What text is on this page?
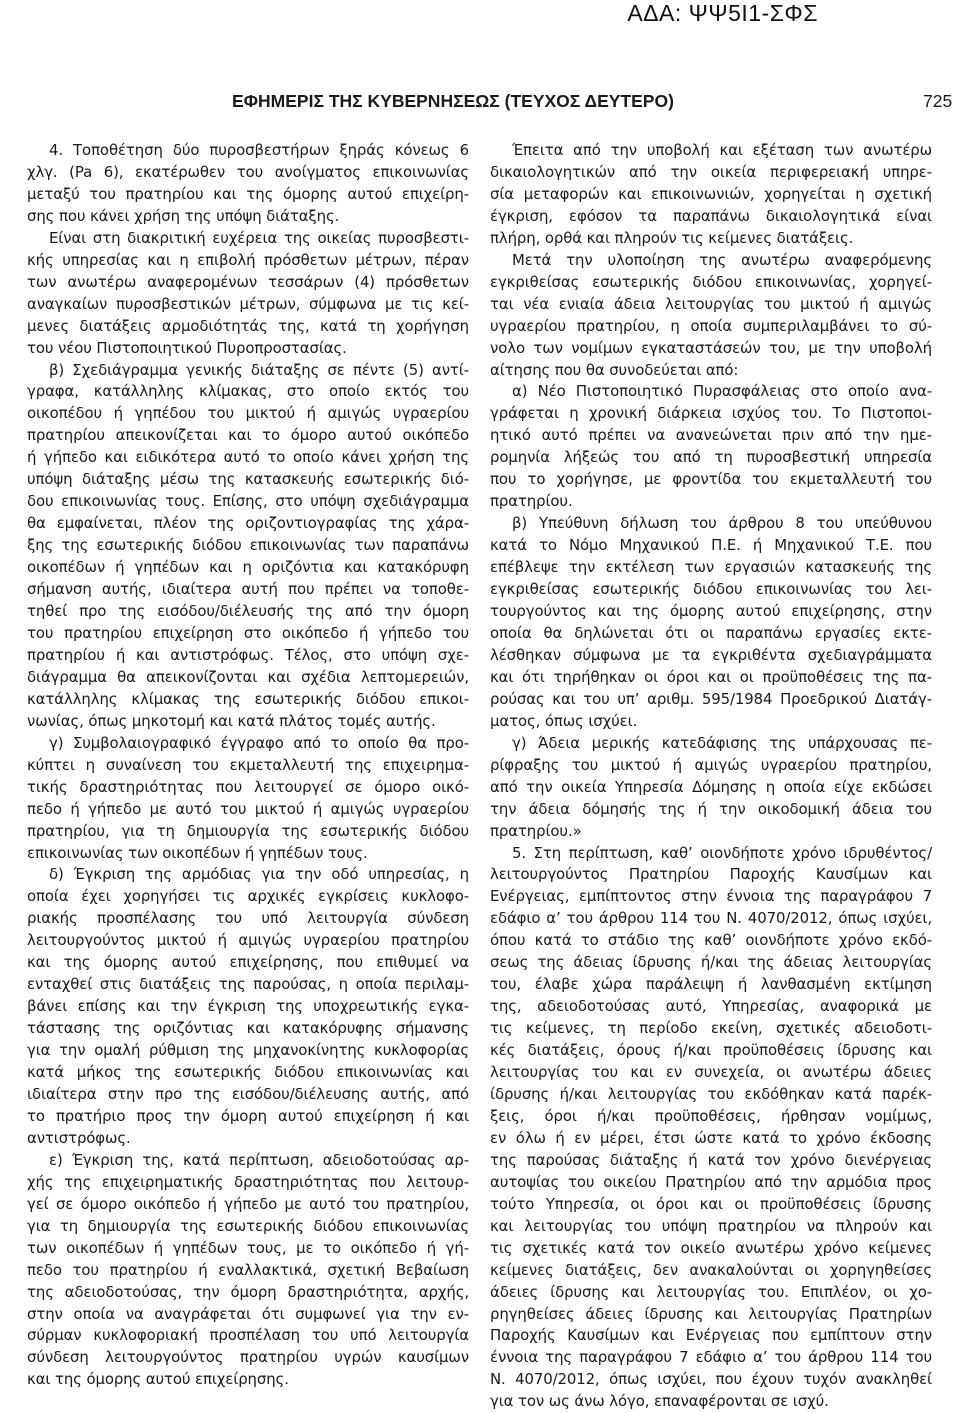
ΑΔΑ: ΨΨ5Ι1-ΣΦΣ
ΕΦΗΜΕΡΙΣ ΤΗΣ ΚΥΒΕΡΝΗΣΕΩΣ (ΤΕΥΧΟΣ ΔΕΥΤΕΡΟ)	725
4. Τοποθέτηση δύο πυροσβεστήρων ξηράς κόνεως 6
χλγ. (Pa 6), εκατέρωθεν του ανοίγματος επικοινωνίας
μεταξύ του πρατηρίου και της όμορης αυτού επιχείρη‑
σης που κάνει χρήση της υπόψη διάταξης.
Είναι στη διακριτική ευχέρεια της οικείας πυροσβεστι‑
κής υπηρεσίας και η επιβολή πρόσθετων μέτρων, πέραν
των ανωτέρω αναφερομένων τεσσάρων (4) πρόσθετων
αναγκαίων πυροσβεστικών μέτρων, σύμφωνα με τις κεί‑
μενες διατάξεις αρμοδιότητάς της, κατά τη χορήγηση
του νέου Πιστοποιητικού Πυροπροστασίας.
β) Σχεδιάγραμμα γενικής διάταξης σε πέντε (5) αντί‑
γραφα, κατάλληλης κλίμακας, στο οποίο εκτός του
οικοπέδου ή γηπέδου του μικτού ή αμιγώς υγραερίου
πρατηρίου απεικονίζεται και το όμορο αυτού οικόπεδο
ή γήπεδο και ειδικότερα αυτό το οποίο κάνει χρήση της
υπόψη διάταξης μέσω της κατασκευής εσωτερικής διό‑
δου επικοινωνίας τους. Επίσης, στο υπόψη σχεδιάγραμμα
θα εμφαίνεται, πλέον της οριζοντιογραφίας της χάρα‑
ξης της εσωτερικής διόδου επικοινωνίας των παραπάνω
οικοπέδων ή γηπέδων και η οριζόντια και κατακόρυφη
σήμανση αυτής, ιδιαίτερα αυτή που πρέπει να τοποθε‑
τηθεί προ της εισόδου/διέλευσής της από την όμορη
του πρατηρίου επιχείρηση στο οικόπεδο ή γήπεδο του
πρατηρίου ή και αντιστρόφως. Τέλος, στο υπόψη σχε‑
διάγραμμα θα απεικονίζονται και σχέδια λεπτομερειών,
κατάλληλης κλίμακας της εσωτερικής διόδου επικοι‑
νωνίας, όπως μηκοτομή και κατά πλάτος τομές αυτής.
γ) Συμβολαιογραφικό έγγραφο από το οποίο θα προ‑
κύπτει η συναίνεση του εκμεταλλευτή της επιχειρημα‑
τικής δραστηριότητας που λειτουργεί σε όμορο οικό‑
πεδο ή γήπεδο με αυτό του μικτού ή αμιγώς υγραερίου
πρατηρίου, για τη δημιουργία της εσωτερικής διόδου
επικοινωνίας των οικοπέδων ή γηπέδων τους.
δ) Έγκριση της αρμόδιας για την οδό υπηρεσίας, η
οποία έχει χορηγήσει τις αρχικές εγκρίσεις κυκλοφο‑
ριακής προσπέλασης του υπό λειτουργία σύνδεση
λειτουργούντος μικτού ή αμιγώς υγραερίου πρατηρίου
και της όμορης αυτού επιχείρησης, που επιθυμεί να
ενταχθεί στις διατάξεις της παρούσας, η οποία περιλαμ‑
βάνει επίσης και την έγκριση της υποχρεωτικής εγκα‑
τάστασης της οριζόντιας και κατακόρυφης σήμανσης
για την ομαλή ρύθμιση της μηχανοκίνητης κυκλοφορίας
κατά μήκος της εσωτερικής διόδου επικοινωνίας και
ιδιαίτερα στην προ της εισόδου/διέλευσης αυτής, από
το πρατήριο προς την όμορη αυτού επιχείρηση ή και
αντιστρόφως.
ε) Έγκριση της, κατά περίπτωση, αδειοδοτούσας αρ‑
χής της επιχειρηματικής δραστηριότητας που λειτουρ‑
γεί σε όμορο οικόπεδο ή γήπεδο με αυτό του πρατηρίου,
για τη δημιουργία της εσωτερικής διόδου επικοινωνίας
των οικοπέδων ή γηπέδων τους, με το οικόπεδο ή γή‑
πεδο του πρατηρίου ή εναλλακτικά, σχετική Βεβαίωση
της αδειοδοτούσας, την όμορη δραστηριότητα, αρχής,
στην οποία να αναγράφεται ότι συμφωνεί για την εν‑
σύρμαν κυκλοφοριακή προσπέλαση του υπό λειτουργία
σύνδεση λειτουργούντος πρατηρίου υγρών καυσίμων
και της όμορης αυτού επιχείρησης.
Έπειτα από την υποβολή και εξέταση των ανωτέρω
δικαιολογητικών από την οικεία περιφερειακή υπηρε‑
σία μεταφορών και επικοινωνιών, χορηγείται η σχετική
έγκριση, εφόσον τα παραπάνω δικαιολογητικά είναι
πλήρη, ορθά και πληρούν τις κείμενες διατάξεις.
Μετά την υλοποίηση της ανωτέρω αναφερόμενης
εγκριθείσας εσωτερικής διόδου επικοινωνίας, χορηγεί‑
ται νέα ενιαία άδεια λειτουργίας του μικτού ή αμιγώς
υγραερίου πρατηρίου, η οποία συμπεριλαμβάνει το σύ‑
νολο των νομίμων εγκαταστάσεών του, με την υποβολή
αίτησης που θα συνοδεύεται από:
α) Νέο Πιστοποιητικό Πυρασφάλειας στο οποίο ανα‑
γράφεται η χρονική διάρκεια ισχύος του. Το Πιστοποι‑
ητικό αυτό πρέπει να ανανεώνεται πριν από την ημε‑
ρομηνία λήξεώς του από τη πυροσβεστική υπηρεσία
που το χορήγησε, με φροντίδα του εκμεταλλευτή του
πρατηρίου.
β) Υπεύθυνη δήλωση του άρθρου 8 του υπεύθυνου
κατά το Νόμο Μηχανικού Π.Ε. ή Μηχανικού Τ.Ε. που
επέβλεψε την εκτέλεση των εργασιών κατασκευής της
εγκριθείσας εσωτερικής διόδου επικοινωνίας του λει‑
τουργούντος και της όμορης αυτού επιχείρησης, στην
οποία θα δηλώνεται ότι οι παραπάνω εργασίες εκτε‑
λέσθηκαν σύμφωνα με τα εγκριθέντα σχεδιαγράμματα
και ότι τηρήθηκαν οι όροι και οι προϋποθέσεις της πα‑
ρούσας και του υπ’ αριθμ. 595/1984 Προεδρικού Διατάγ‑
ματος, όπως ισχύει.
γ) Άδεια μερικής κατεδάφισης της υπάρχουσας πε‑
ρίφραξης του μικτού ή αμιγώς υγραερίου πρατηρίου,
από την οικεία Υπηρεσία Δόμησης η οποία είχε εκδώσει
την άδεια δόμησής της ή την οικοδομική άδεια του
πρατηρίου.»
5. Στη περίπτωση, καθ’ οιονδήποτε χρόνο ιδρυθέντος/
λειτουργούντος Πρατηρίου Παροχής Καυσίμων και
Ενέργειας, εμπίπτοντος στην έννοια της παραγράφου 7
εδάφιο α’ του άρθρου 114 του Ν. 4070/2012, όπως ισχύει,
όπου κατά το στάδιο της καθ’ οιονδήποτε χρόνο εκδό‑
σεως της άδειας ίδρυσης ή/και της άδειας λειτουργίας
του, έλαβε χώρα παράλειψη ή λανθασμένη εκτίμηση
της, αδειοδοτούσας αυτό, Υπηρεσίας, αναφορικά με
τις κείμενες, τη περίοδο εκείνη, σχετικές αδειοδοτι‑
κές διατάξεις, όρους ή/και προϋποθέσεις ίδρυσης και
λειτουργίας του και εν συνεχεία, οι ανωτέρω άδειες
ίδρυσης ή/και λειτουργίας του εκδόθηκαν κατά παρέκ‑
ξεις, όροι ή/και προϋποθέσεις, ήρθησαν νομίμως,
εν όλω ή εν μέρει, έτσι ώστε κατά το χρόνο έκδοσης
της παρούσας διάταξης ή κατά τον χρόνο διενέργειας
αυτοψίας του οικείου Πρατηρίου από την αρμόδια προς
τούτο Υπηρεσία, οι όροι και οι προϋποθέσεις ίδρυσης
και λειτουργίας του υπόψη πρατηρίου να πληρούν και
τις σχετικές κατά τον οικείο ανωτέρω χρόνο κείμενες
κείμενες διατάξεις, δεν ανακαλούνται οι χορηγηθείσες
άδειες ίδρυσης και λειτουργίας του. Επιπλέον, οι χο‑
ρηγηθείσες άδειες ίδρυσης και λειτουργίας Πρατηρίων
Παροχής Καυσίμων και Ενέργειας που εμπίπτουν στην
έννοια της παραγράφου 7 εδάφιο α’ του άρθρου 114 του
Ν. 4070/2012, όπως ισχύει, που έχουν τυχόν ανακληθεί
για τον ως άνω λόγο, επαναφέρονται σε ισχύ.
